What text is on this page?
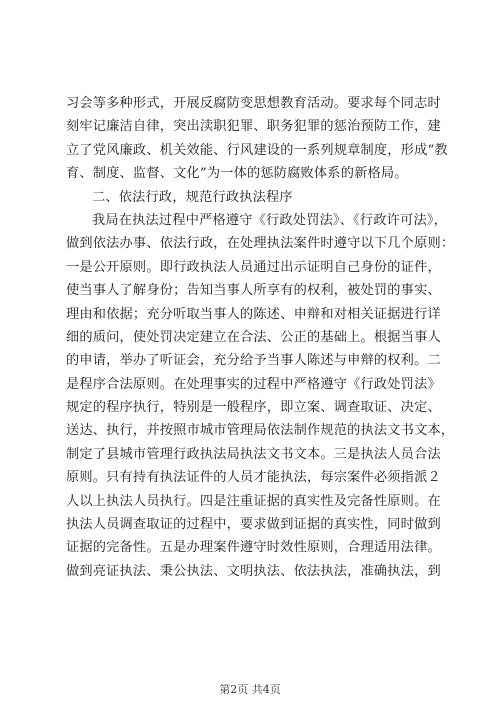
习会等多种形式，开展反腐防变思想教育活动。要求每个同志时
刻牢记廉洁自律，突出渎职犯罪、职务犯罪的惩治预防工作，建
立了党风廉政、机关效能、行风建设的一系列规章制度，形成“教
育、制度、监督、文化”为一体的惩防腐败体系的新格局。
二、依法行政，规范行政执法程序
我局在执法过程中严格遵守《行政处罚法》、《行政许可法》，
做到依法办事、依法行政，在处理执法案件时遵守以下几个原则：
一是公开原则。即行政执法人员通过出示证明自己身份的证件，
使当事人了解身份；告知当事人所享有的权利，被处罚的事实、
理由和依据；充分听取当事人的陈述、申辩和对相关证据进行详
细的质问，使处罚决定建立在合法、公正的基础上。根据当事人
的申请，举办了听证会，充分给予当事人陈述与申辩的权利。二
是程序合法原则。在处理事实的过程中严格遵守《行政处罚法》
规定的程序执行，特别是一般程序，即立案、调查取证、决定、
送达、执行，并按照市城市管理局依法制作规范的执法文书文本，
制定了县城市管理行政执法局执法文书文本。三是执法人员合法
原则。只有持有执法证件的人员才能执法，每宗案件必须指派２
人以上执法人员执行。四是注重证据的真实性及完备性原则。在
执法人员调查取证的过程中，要求做到证据的真实性，同时做到
证据的完备性。五是办理案件遵守时效性原则，合理适用法律。
做到亮证执法、秉公执法、文明执法、依法执法，准确执法，到
第2页 共4页
